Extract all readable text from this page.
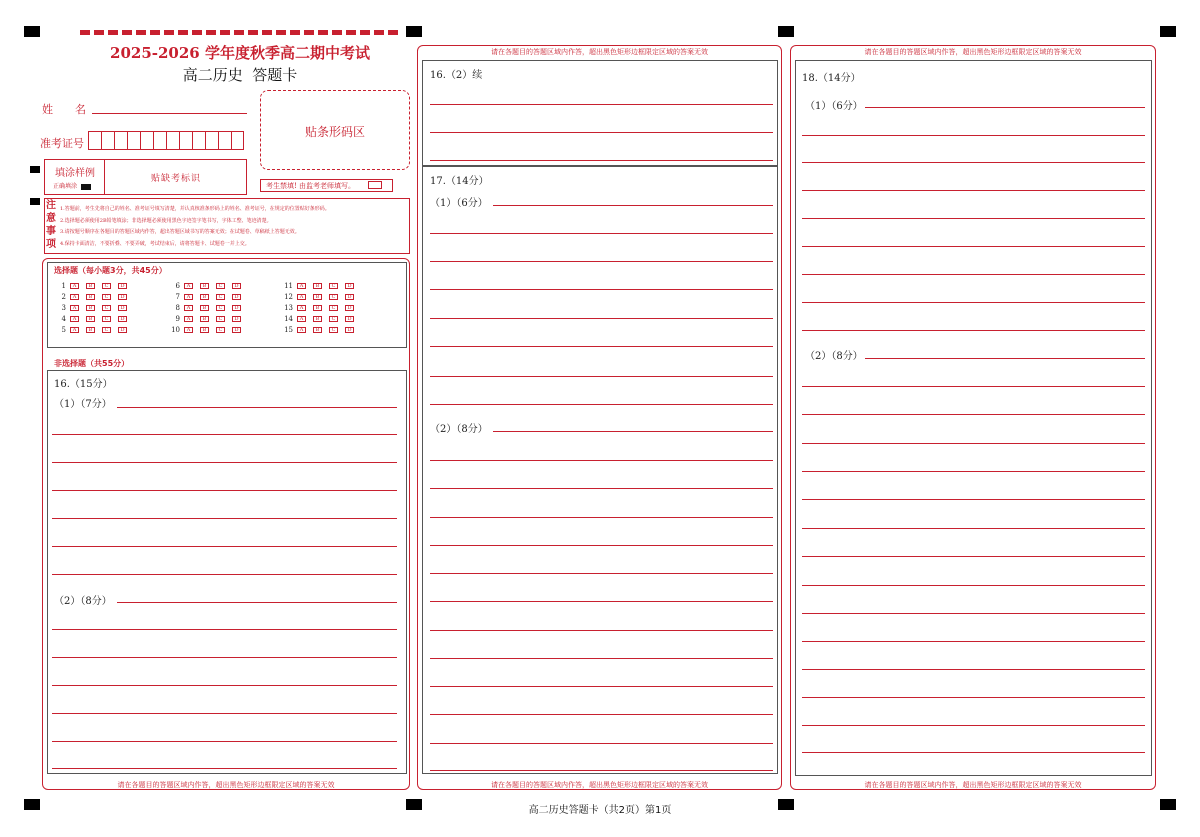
2025-2026 学年度秋季高二期中考试
高二历史  答题卡
姓　　名
准考证号
贴条形码区
填涂样例
正确填涂
贴缺考标识
考生禁填! 由监考老师填写。
注
意
事
项
1.答题前，考生先将自己的姓名、准考证号填写清楚，并认真核准条形码上的姓名、准考证号，在规定的位置贴好条形码。
2.选择题必须使用2B铅笔填涂；非选择题必须使用黑色字迹签字笔书写，字体工整、笔迹清楚。
3.请按题号顺序在各题目的答题区域内作答，超出答题区域书写的答案无效；在试题卷、草稿纸上答题无效。
4.保持卡面清洁，不要折叠、不要弄破，考试结束后，请将答题卡、试题卷一并上交。
选择题（每小题3分，共45分）
1 A B C D
2 A B C D
3 A B C D
4 A B C D
5 A B C D
6 A B C D
7 A B C D
8 A B C D
9 A B C D
10 A B C D
11 A B C D
12 A B C D
13 A B C D
14 A B C D
15 A B C D
非选择题（共55分）
16.（15分）
（1）（7分）
（2）（8分）
请在各题目的答题区域内作答，超出黑色矩形边框限定区域的答案无效
请在各题目的答题区域内作答，超出黑色矩形边框限定区域的答案无效
请在各题目的答题区域内作答，超出黑色矩形边框限定区域的答案无效
16.（2）续
17.（14分）
（1）（6分）
（2）（8分）
请在各题目的答题区域内作答，超出黑色矩形边框限定区域的答案无效
请在各题目的答题区域内作答，超出黑色矩形边框限定区域的答案无效
18.（14分）
（1）（6分）
（2）（8分）
高二历史答题卡（共2页）第1页
